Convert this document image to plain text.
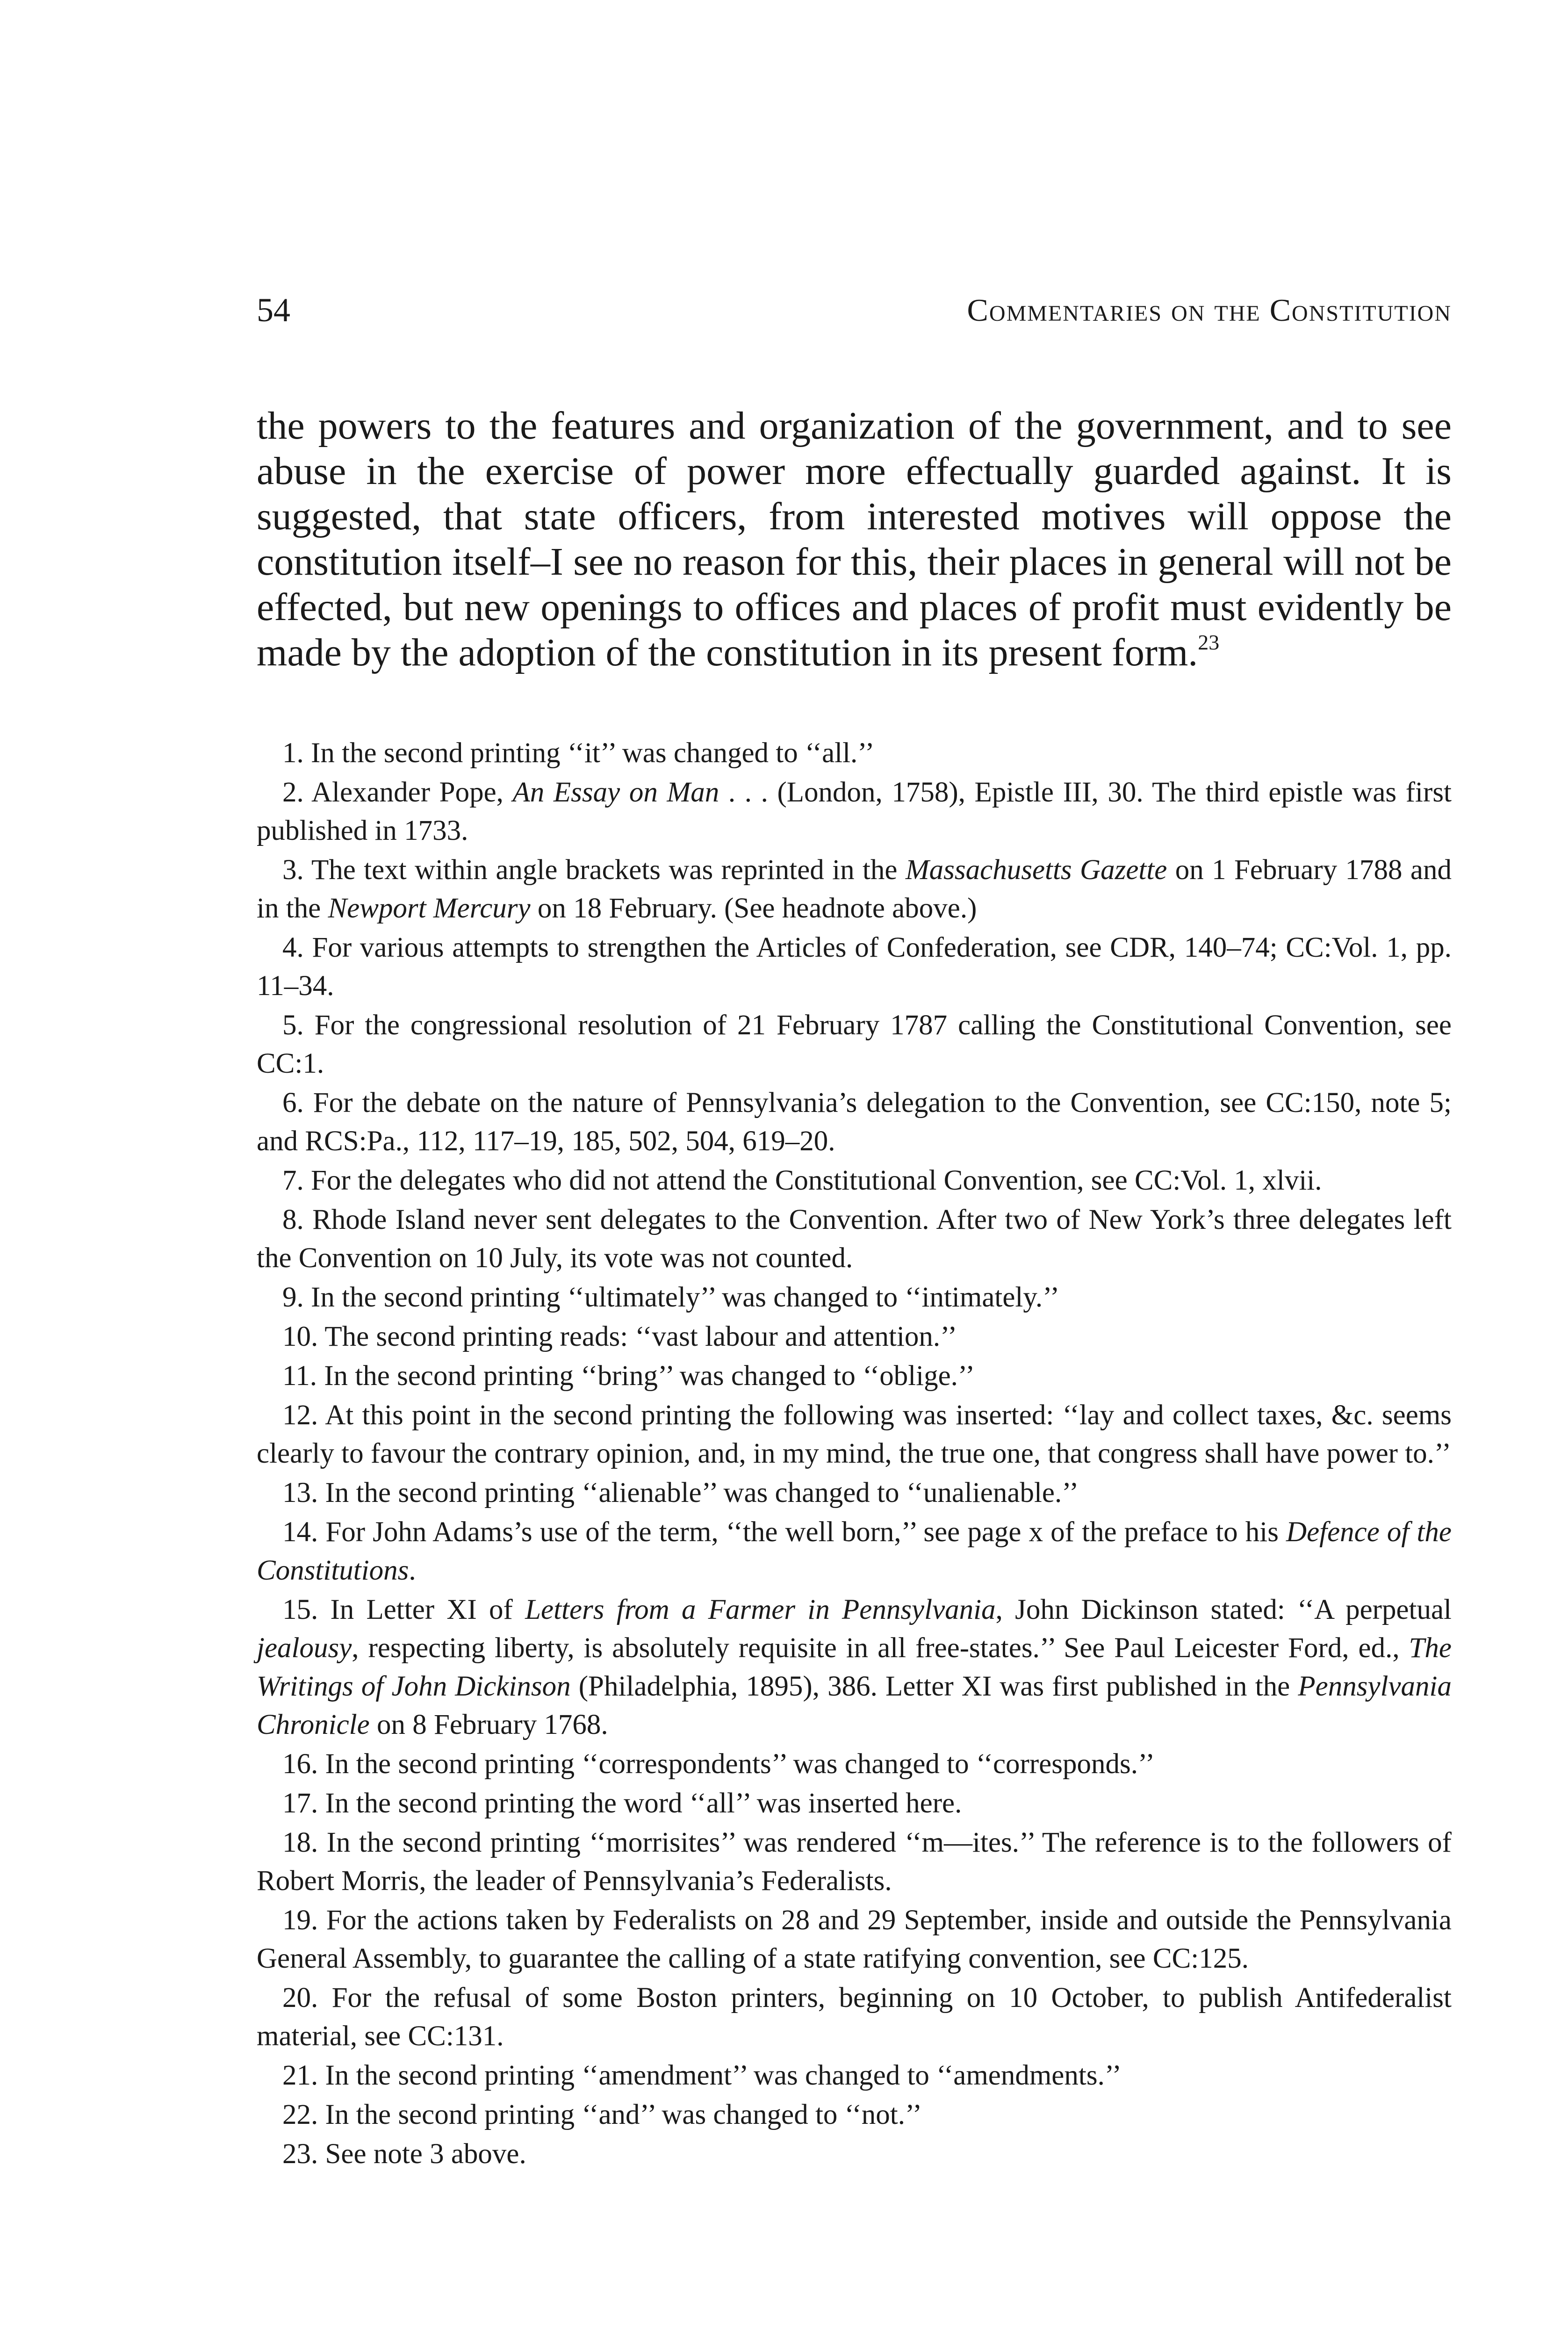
54	Commentaries on the Constitution

the powers to the features and organization of the government, and to see abuse in the exercise of power more effectually guarded against. It is suggested, that state officers, from interested motives will oppose the constitution itself–I see no reason for this, their places in general will not be effected, but new openings to offices and places of profit must evidently be made by the adoption of the constitution in its present form.$^{23}$

1. In the second printing ‘‘it’’ was changed to ‘‘all.’’

2. Alexander Pope, An Essay on Man . . . (London, 1758), Epistle III, 30. The third epistle was first published in 1733.

3. The text within angle brackets was reprinted in the Massachusetts Gazette on 1 February 1788 and in the Newport Mercury on 18 February. (See headnote above.)

4. For various attempts to strengthen the Articles of Confederation, see CDR, 140–74; CC:Vol. 1, pp. 11–34.

5. For the congressional resolution of 21 February 1787 calling the Constitutional Convention, see CC:1.

6. For the debate on the nature of Pennsylvania’s delegation to the Convention, see CC:150, note 5; and RCS:Pa., 112, 117–19, 185, 502, 504, 619–20.

7. For the delegates who did not attend the Constitutional Convention, see CC:Vol. 1, xlvii.

8. Rhode Island never sent delegates to the Convention. After two of New York’s three delegates left the Convention on 10 July, its vote was not counted.

9. In the second printing ‘‘ultimately’’ was changed to ‘‘intimately.’’

10. The second printing reads: ‘‘vast labour and attention.’’

11. In the second printing ‘‘bring’’ was changed to ‘‘oblige.’’

12. At this point in the second printing the following was inserted: ‘‘lay and collect taxes, &c. seems clearly to favour the contrary opinion, and, in my mind, the true one, that congress shall have power to.’’

13. In the second printing ‘‘alienable’’ was changed to ‘‘unalienable.’’

14. For John Adams’s use of the term, ‘‘the well born,’’ see page x of the preface to his Defence of the Constitutions.

15. In Letter XI of Letters from a Farmer in Pennsylvania, John Dickinson stated: ‘‘A perpetual jealousy, respecting liberty, is absolutely requisite in all free-states.’’ See Paul Leicester Ford, ed., The Writings of John Dickinson (Philadelphia, 1895), 386. Letter XI was first published in the Pennsylvania Chronicle on 8 February 1768.

16. In the second printing ‘‘correspondents’’ was changed to ‘‘corresponds.’’

17. In the second printing the word ‘‘all’’ was inserted here.

18. In the second printing ‘‘morrisites’’ was rendered ‘‘m––ites.’’ The reference is to the followers of Robert Morris, the leader of Pennsylvania’s Federalists.

19. For the actions taken by Federalists on 28 and 29 September, inside and outside the Pennsylvania General Assembly, to guarantee the calling of a state ratifying convention, see CC:125.

20. For the refusal of some Boston printers, beginning on 10 October, to publish Antifederalist material, see CC:131.

21. In the second printing ‘‘amendment’’ was changed to ‘‘amendments.’’

22. In the second printing ‘‘and’’ was changed to ‘‘not.’’

23. See note 3 above.
